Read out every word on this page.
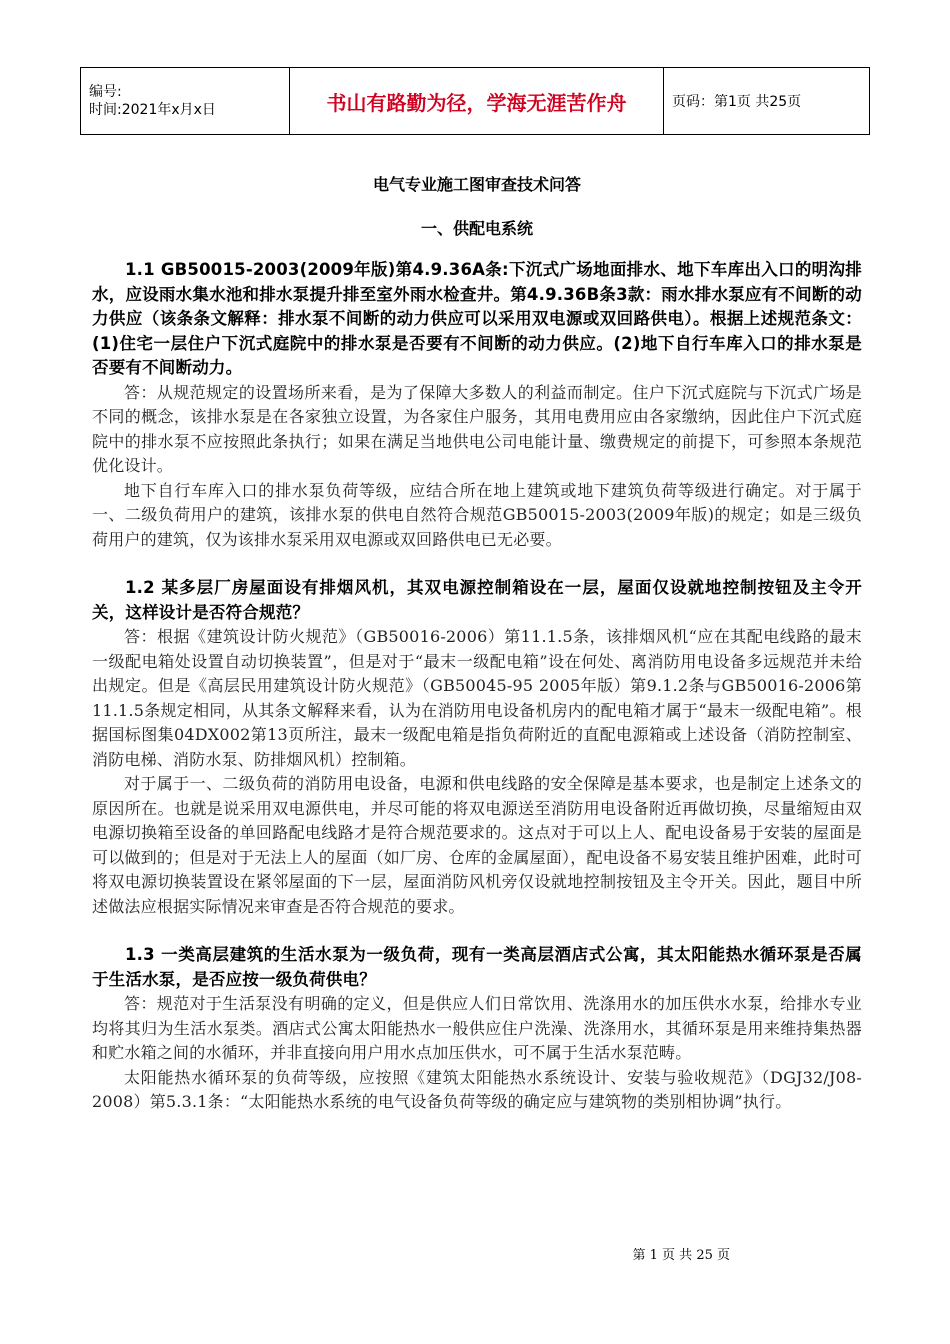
编号:
时间:2021年x月x日	书山有路勤为径，学海无涯苦作舟	页码：第1页 共25页
电气专业施工图审查技术问答
一、供配电系统

1.1 GB50015-2003(2009年版)第4.9.36A条:下沉式广场地面排水、地下车库出入口的明沟排水，应设雨水集水池和排水泵提升排至室外雨水检查井。第4.9.36B条3款：雨水排水泵应有不间断的动力供应（该条条文解释：排水泵不间断的动力供应可以采用双电源或双回路供电）。根据上述规范条文：(1)住宅一层住户下沉式庭院中的排水泵是否要有不间断的动力供应。(2)地下自行车库入口的排水泵是否要有不间断动力。

答：从规范规定的设置场所来看，是为了保障大多数人的利益而制定。住户下沉式庭院与下沉式广场是不同的概念，该排水泵是在各家独立设置，为各家住户服务，其用电费用应由各家缴纳，因此住户下沉式庭院中的排水泵不应按照此条执行；如果在满足当地供电公司电能计量、缴费规定的前提下，可参照本条规范优化设计。

地下自行车库入口的排水泵负荷等级，应结合所在地上建筑或地下建筑负荷等级进行确定。对于属于一、二级负荷用户的建筑，该排水泵的供电自然符合规范GB50015-2003(2009年版)的规定；如是三级负荷用户的建筑，仅为该排水泵采用双电源或双回路供电已无必要。

1.2 某多层厂房屋面设有排烟风机，其双电源控制箱设在一层，屋面仅设就地控制按钮及主令开关，这样设计是否符合规范？

答：根据《建筑设计防火规范》（GB50016-2006）第11.1.5条，该排烟风机“应在其配电线路的最末一级配电箱处设置自动切换装置”，但是对于“最末一级配电箱”设在何处、离消防用电设备多远规范并未给出规定。但是《高层民用建筑设计防火规范》（GB50045-95 2005年版）第9.1.2条与GB50016-2006第11.1.5条规定相同，从其条文解释来看，认为在消防用电设备机房内的配电箱才属于“最末一级配电箱”。根据国标图集04DX002第13页所注，最末一级配电箱是指负荷附近的直配电源箱或上述设备（消防控制室、消防电梯、消防水泵、防排烟风机）控制箱。

对于属于一、二级负荷的消防用电设备，电源和供电线路的安全保障是基本要求，也是制定上述条文的原因所在。也就是说采用双电源供电，并尽可能的将双电源送至消防用电设备附近再做切换，尽量缩短由双电源切换箱至设备的单回路配电线路才是符合规范要求的。这点对于可以上人、配电设备易于安装的屋面是可以做到的；但是对于无法上人的屋面（如厂房、仓库的金属屋面），配电设备不易安装且维护困难，此时可将双电源切换装置设在紧邻屋面的下一层，屋面消防风机旁仅设就地控制按钮及主令开关。因此，题目中所述做法应根据实际情况来审查是否符合规范的要求。

1.3 一类高层建筑的生活水泵为一级负荷，现有一类高层酒店式公寓，其太阳能热水循环泵是否属于生活水泵，是否应按一级负荷供电？

答：规范对于生活泵没有明确的定义，但是供应人们日常饮用、洗涤用水的加压供水水泵，给排水专业均将其归为生活水泵类。酒店式公寓太阳能热水一般供应住户洗澡、洗涤用水，其循环泵是用来维持集热器和贮水箱之间的水循环，并非直接向用户用水点加压供水，可不属于生活水泵范畴。

太阳能热水循环泵的负荷等级，应按照《建筑太阳能热水系统设计、安装与验收规范》（DGJ32/J08-2008）第5.3.1条：“太阳能热水系统的电气设备负荷等级的确定应与建筑物的类别相协调”执行。

第 1 页 共 25 页
